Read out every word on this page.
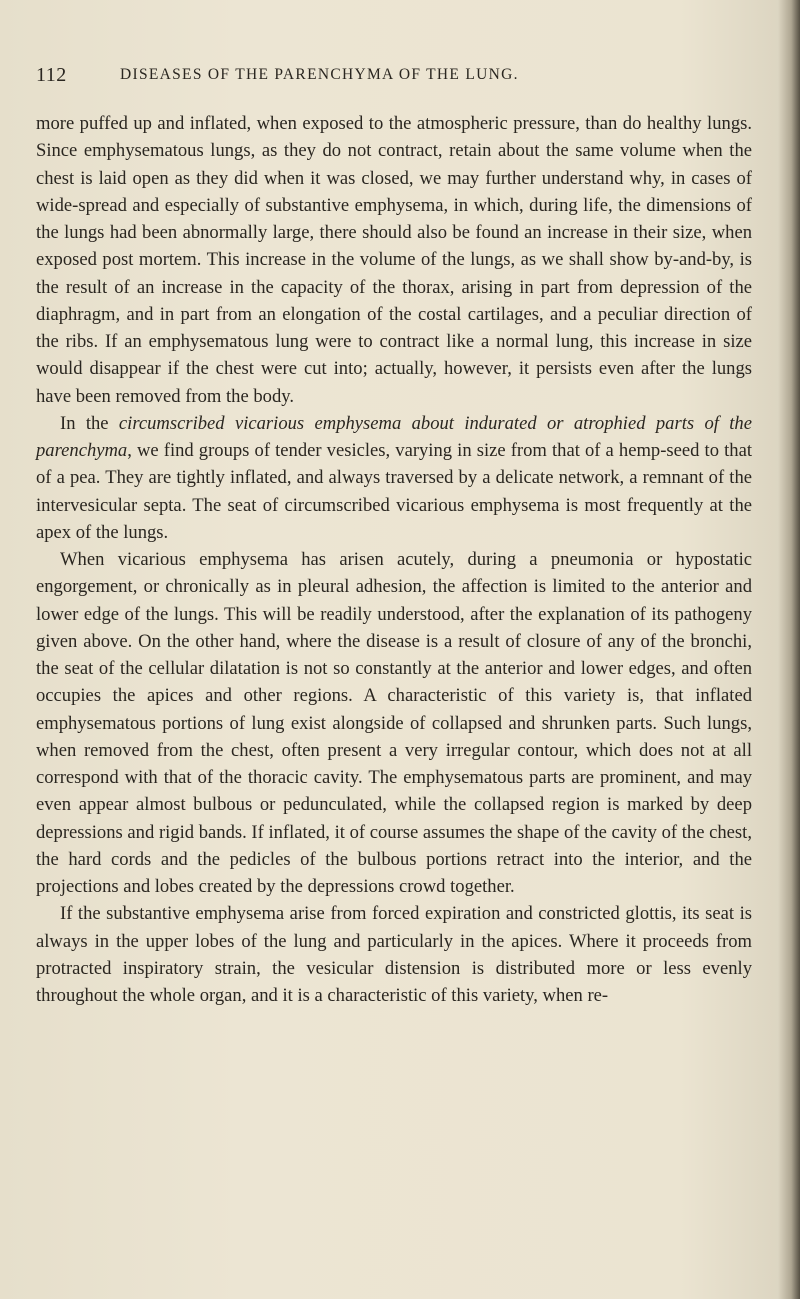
112	DISEASES OF THE PARENCHYMA OF THE LUNG.

more puffed up and inflated, when exposed to the atmospheric pressure, than do healthy lungs. Since emphysematous lungs, as they do not contract, retain about the same volume when the chest is laid open as they did when it was closed, we may further understand why, in cases of wide-spread and especially of substantive emphysema, in which, during life, the dimensions of the lungs had been abnormally large, there should also be found an increase in their size, when exposed post mortem. This increase in the volume of the lungs, as we shall show by-and-by, is the result of an increase in the capacity of the thorax, arising in part from depression of the diaphragm, and in part from an elongation of the costal cartilages, and a peculiar direction of the ribs. If an emphysematous lung were to contract like a normal lung, this increase in size would disappear if the chest were cut into; actually, however, it persists even after the lungs have been removed from the body.

In the circumscribed vicarious emphysema about indurated or atrophied parts of the parenchyma, we find groups of tender vesicles, varying in size from that of a hemp-seed to that of a pea. They are tightly inflated, and always traversed by a delicate network, a remnant of the intervesicular septa. The seat of circumscribed vicarious emphysema is most frequently at the apex of the lungs.

When vicarious emphysema has arisen acutely, during a pneumonia or hypostatic engorgement, or chronically as in pleural adhesion, the affection is limited to the anterior and lower edge of the lungs. This will be readily understood, after the explanation of its pathogeny given above. On the other hand, where the disease is a result of closure of any of the bronchi, the seat of the cellular dilatation is not so constantly at the anterior and lower edges, and often occupies the apices and other regions. A characteristic of this variety is, that inflated emphysematous portions of lung exist alongside of collapsed and shrunken parts. Such lungs, when removed from the chest, often present a very irregular contour, which does not at all correspond with that of the thoracic cavity. The emphysematous parts are prominent, and may even appear almost bulbous or pedunculated, while the collapsed region is marked by deep depressions and rigid bands. If inflated, it of course assumes the shape of the cavity of the chest, the hard cords and the pedicles of the bulbous portions retract into the interior, and the projections and lobes created by the depressions crowd together.

If the substantive emphysema arise from forced expiration and constricted glottis, its seat is always in the upper lobes of the lung and particularly in the apices. Where it proceeds from protracted inspiratory strain, the vesicular distension is distributed more or less evenly throughout the whole organ, and it is a characteristic of this variety, when re-
